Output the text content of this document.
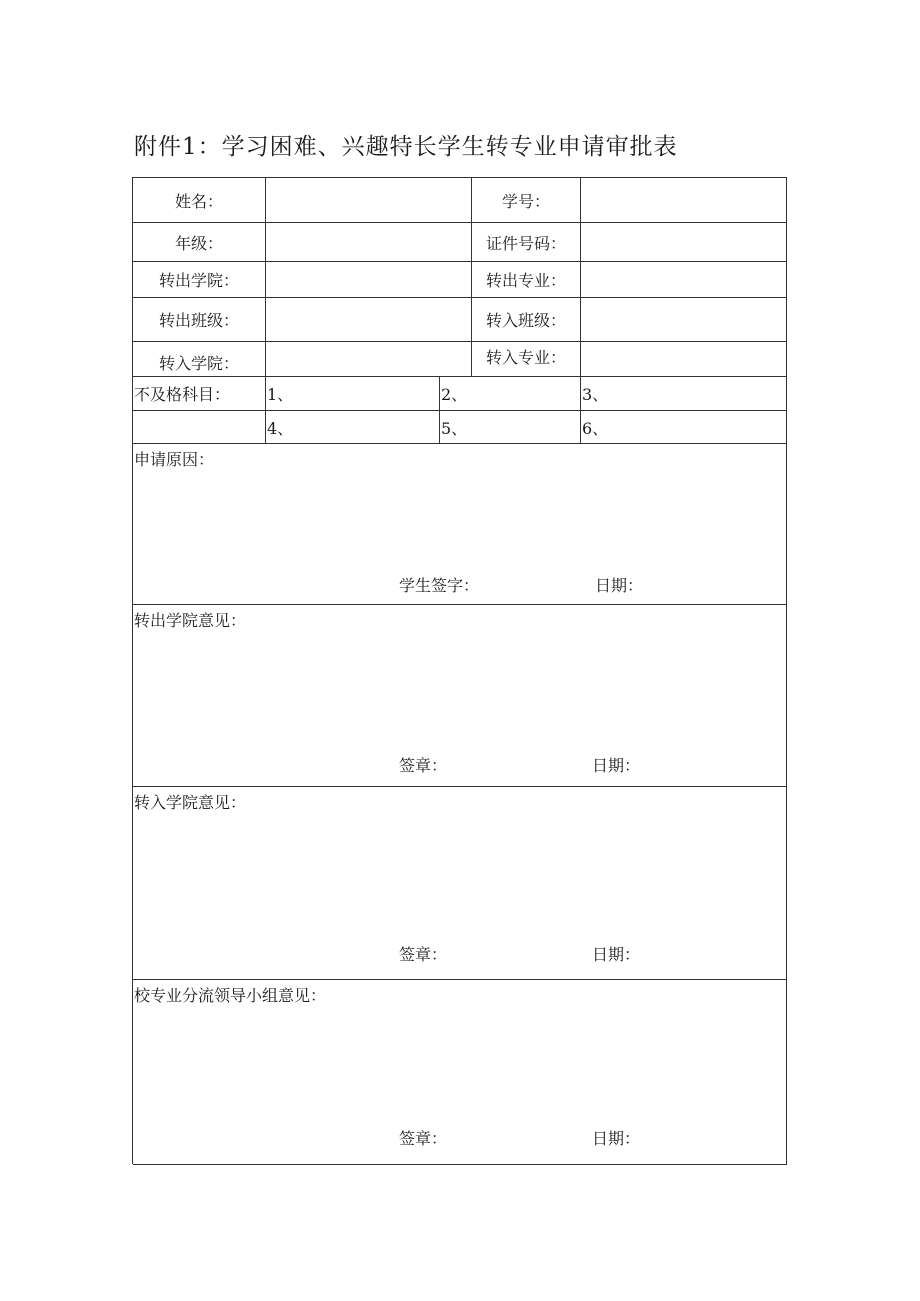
附件1：学习困难、兴趣特长学生转专业申请审批表
姓名：	学号：
年级：	证件号码：
转出学院：	转出专业：
转出班级：	转入班级：
转入学院：	转入专业：
不及格科目：	1、	2、	3、
4、	5、	6、
申请原因：
学生签字：	日期：
转出学院意见：
签章：	日期：
转入学院意见：
签章：	日期：
校专业分流领导小组意见：
签章：	日期：
